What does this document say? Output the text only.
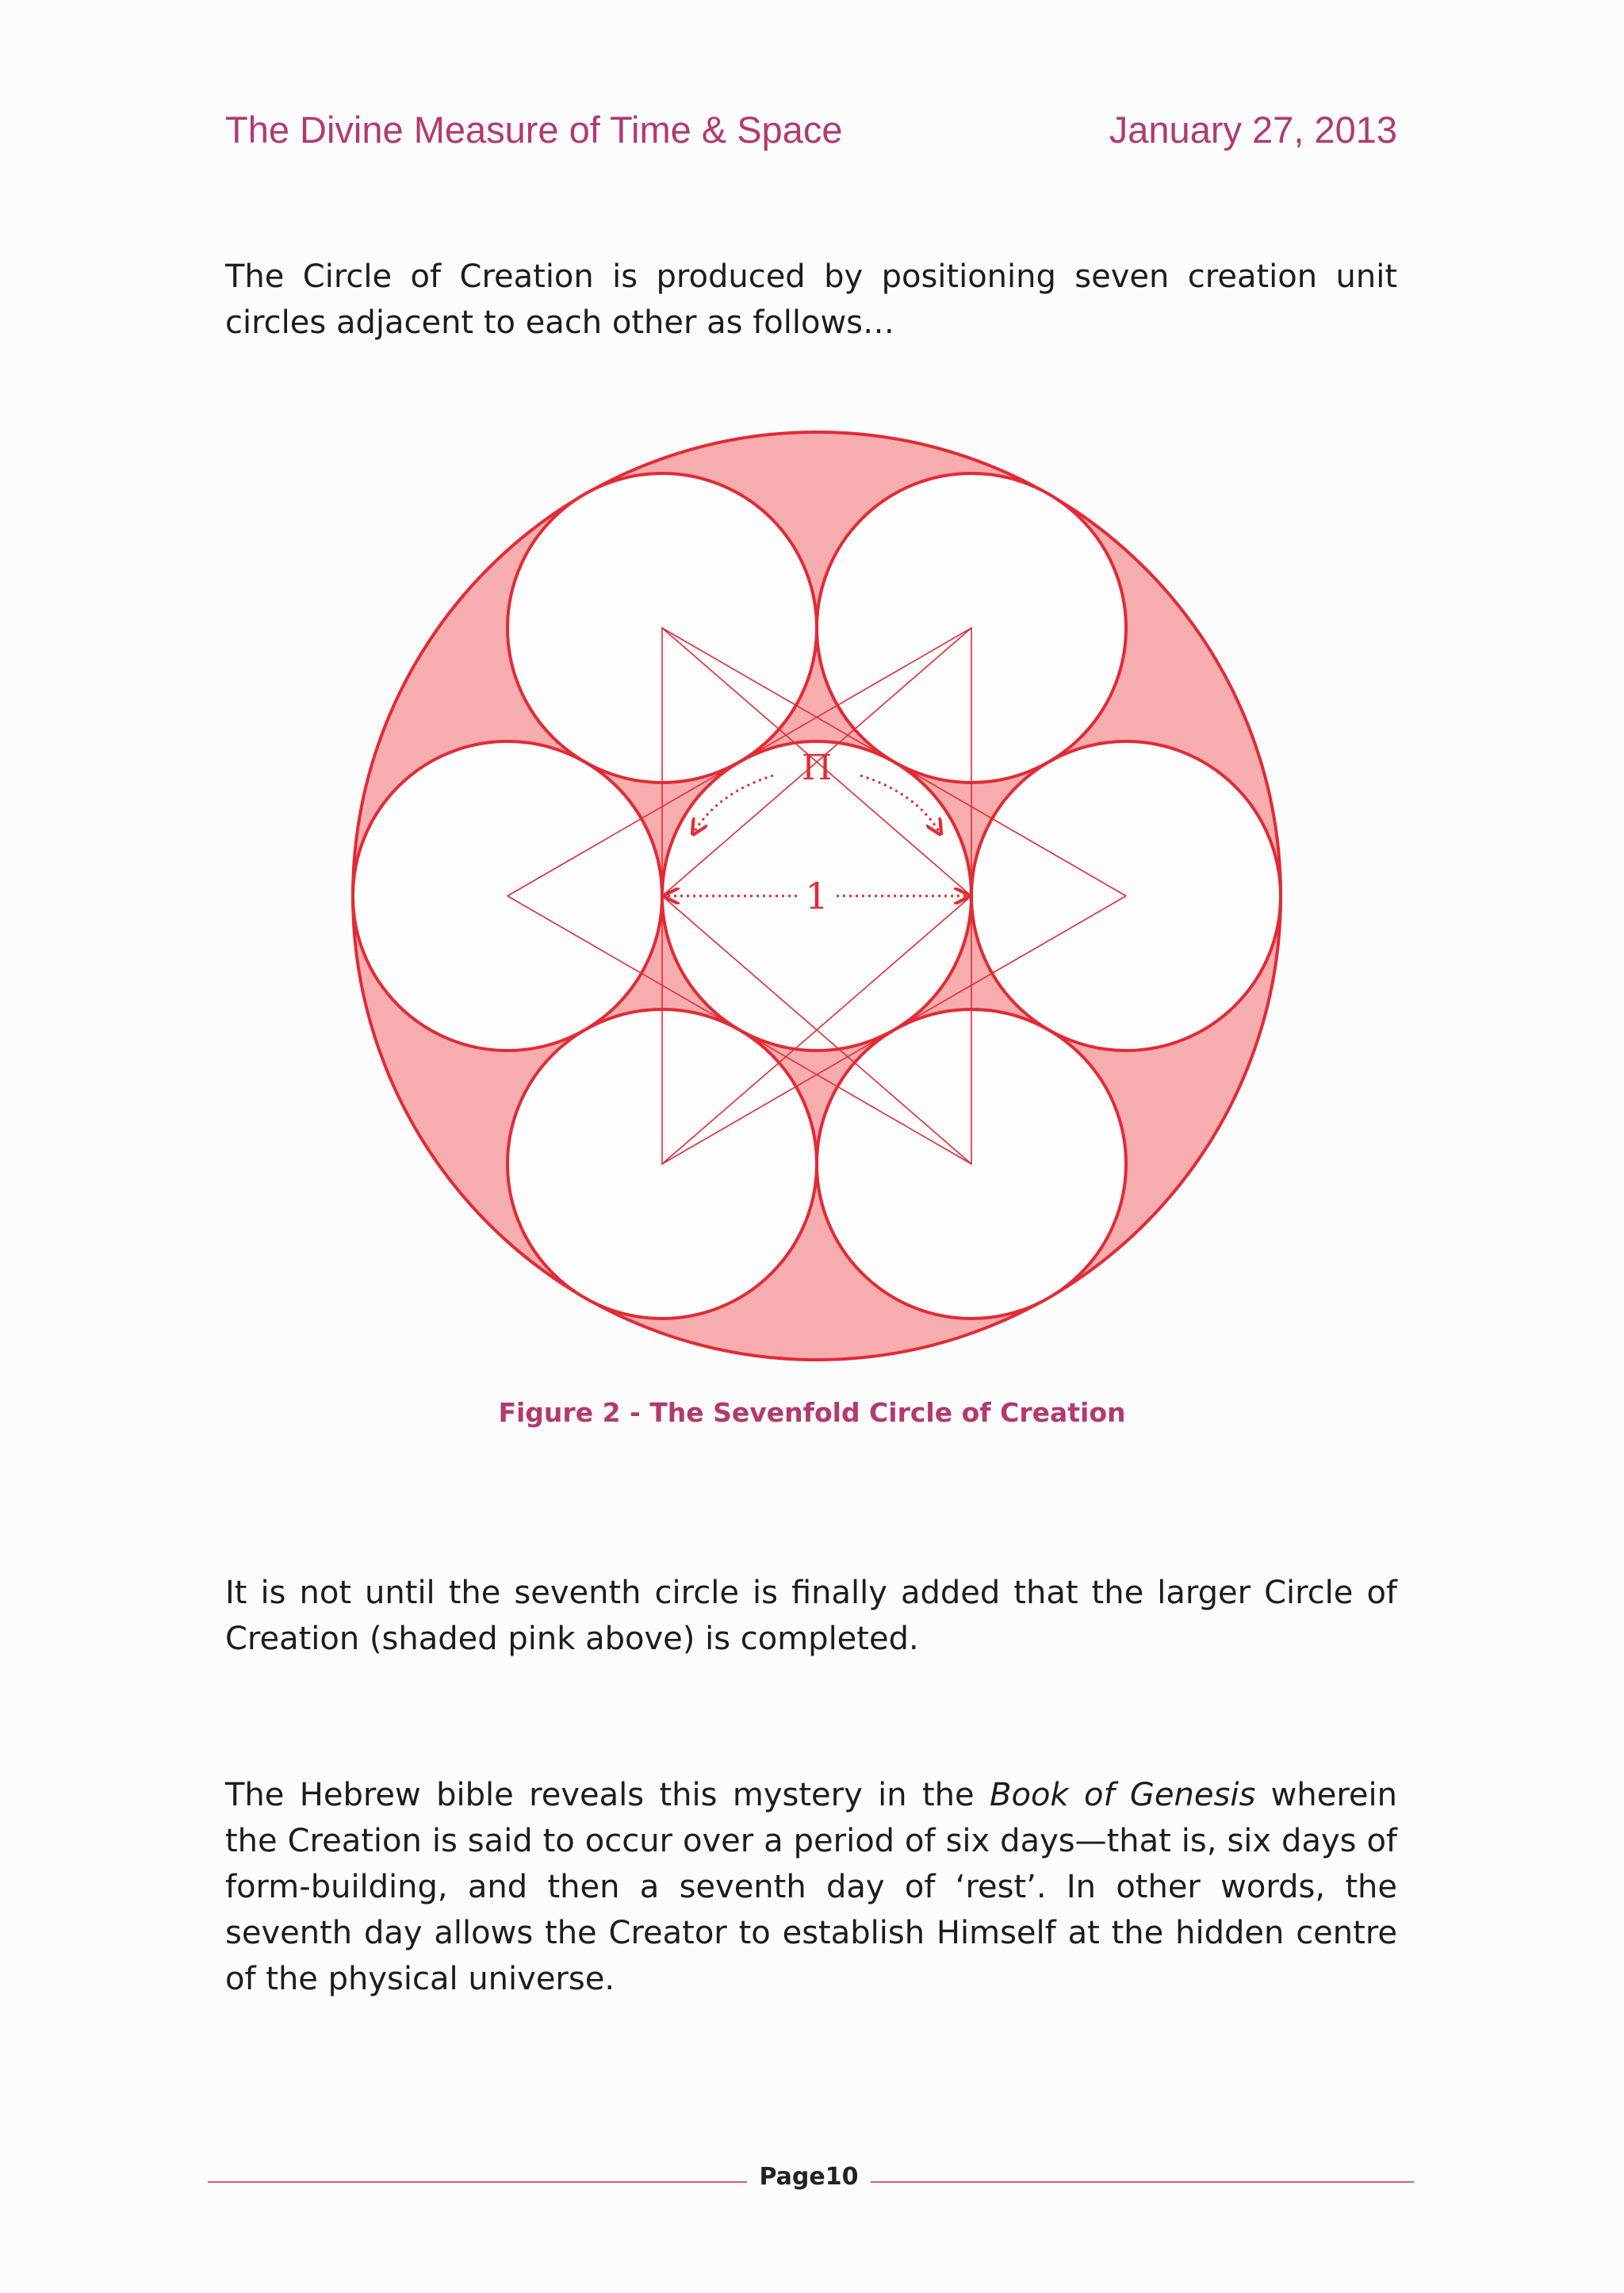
The Divine Measure of Time & Space	January 27, 2013

The Circle of Creation is produced by positioning seven creation unit circles adjacent to each other as follows…

Π
1
Figure 2 - The Sevenfold Circle of Creation

It is not until the seventh circle is finally added that the larger Circle of Creation (shaded pink above) is completed.

The Hebrew bible reveals this mystery in the Book of Genesis wherein the Creation is said to occur over a period of six days—that is, six days of form-building, and then a seventh day of ‘rest’. In other words, the seventh day allows the Creator to establish Himself at the hidden centre of the physical universe.

Page10
